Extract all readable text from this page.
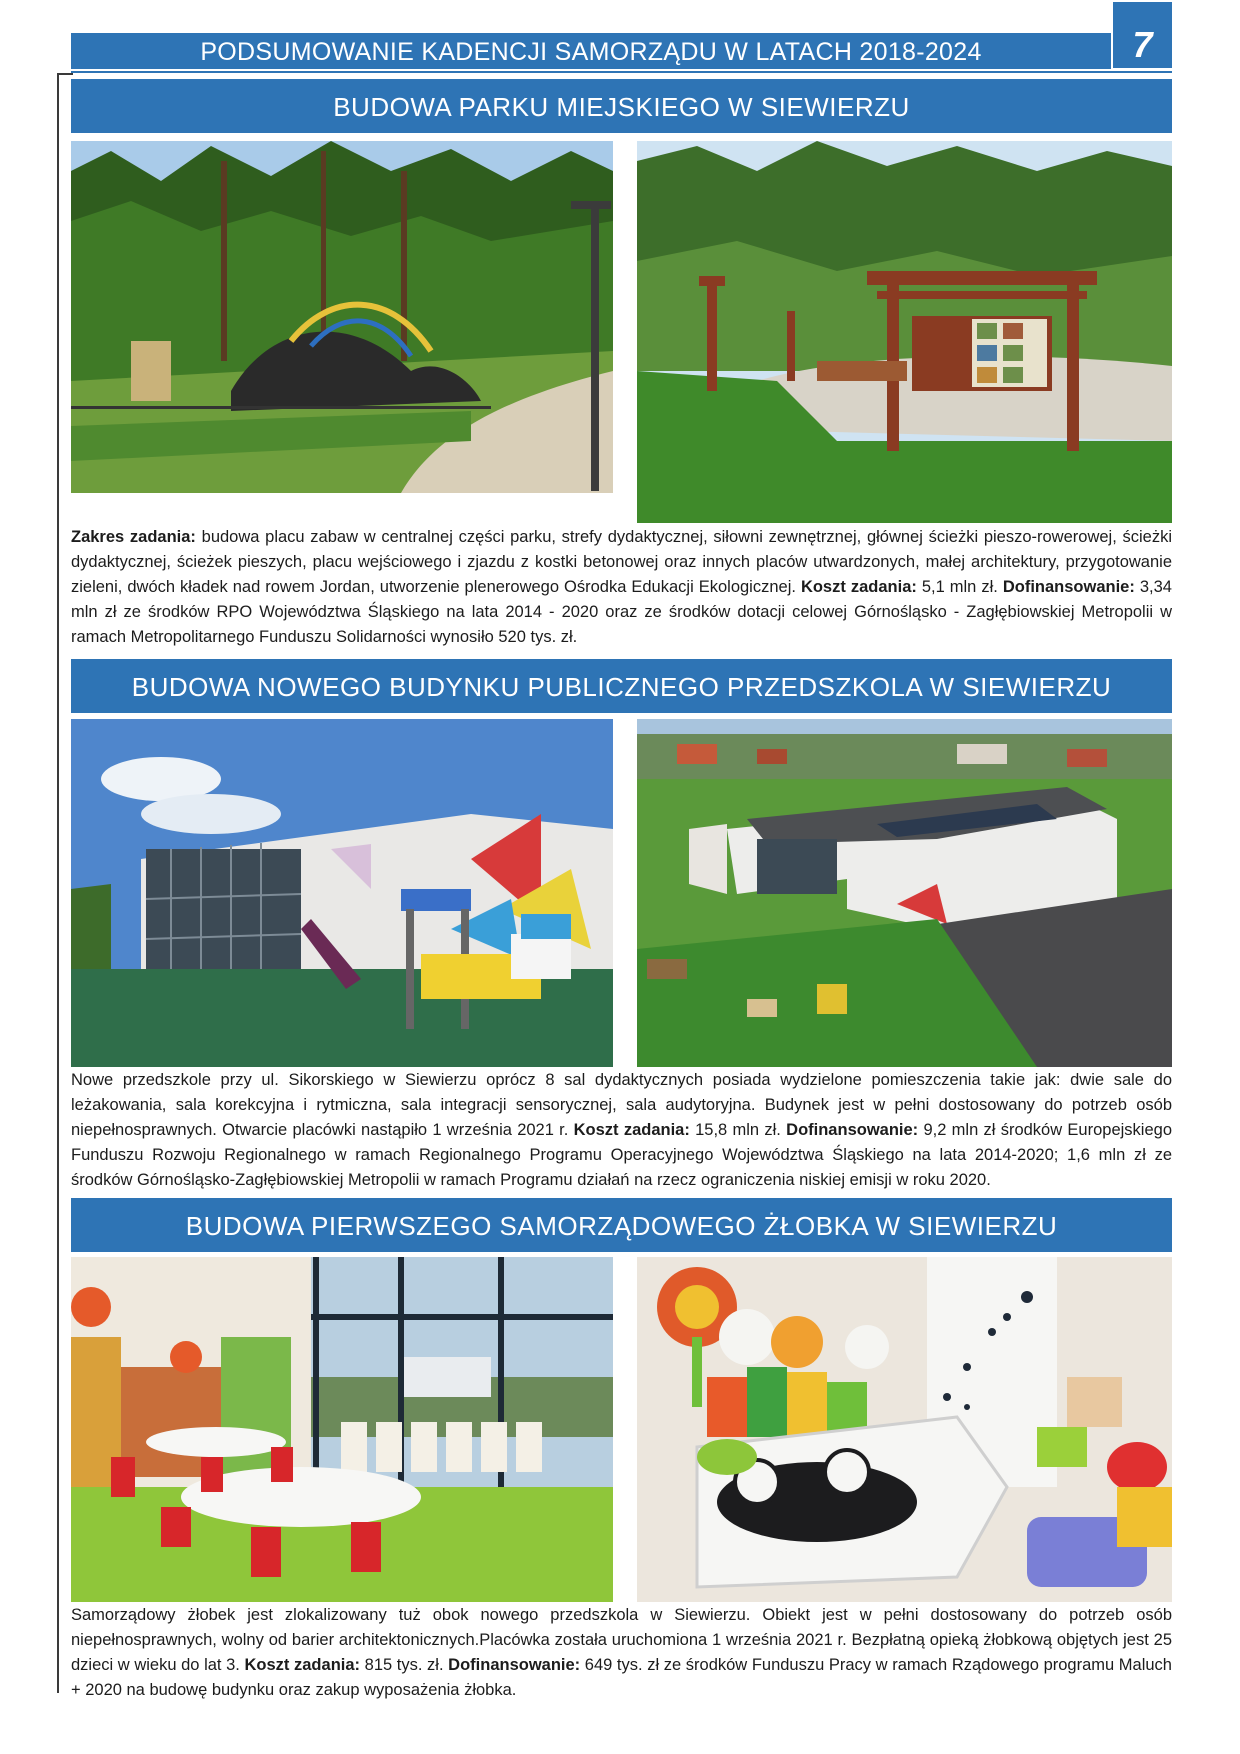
PODSUMOWANIE KADENCJI SAMORZĄDU W LATACH 2018-2024	7
BUDOWA PARKU MIEJSKIEGO W SIEWIERZU

Zakres zadania: budowa placu zabaw w centralnej części parku, strefy dydaktycznej, siłowni zewnętrznej, głównej ścieżki pieszo-rowerowej, ścieżki dydaktycznej, ścieżek pieszych, placu wejściowego i zjazdu z kostki betonowej oraz innych placów utwardzonych, małej architektury, przygotowanie zieleni, dwóch kładek nad rowem Jordan, utworzenie plenerowego Ośrodka Edukacji Ekologicznej. Koszt zadania: 5,1 mln zł. Dofinansowanie: 3,34 mln zł ze środków RPO Województwa Śląskiego na lata 2014 - 2020 oraz ze środków dotacji celowej Górnośląsko - Zagłębiowskiej Metropolii w ramach Metropolitarnego Funduszu Solidarności wynosiło 520 tys. zł.

BUDOWA NOWEGO BUDYNKU PUBLICZNEGO PRZEDSZKOLA W SIEWIERZU

Nowe przedszkole przy ul. Sikorskiego w Siewierzu oprócz 8 sal dydaktycznych posiada wydzielone pomieszczenia takie jak: dwie sale do leżakowania, sala korekcyjna i rytmiczna, sala integracji sensorycznej, sala audytoryjna. Budynek jest w pełni dostosowany do potrzeb osób niepełnosprawnych. Otwarcie placówki nastąpiło 1 września 2021 r. Koszt zadania: 15,8 mln zł. Dofinansowanie: 9,2 mln zł środków Europejskiego Funduszu Rozwoju Regionalnego w ramach Regionalnego Programu Operacyjnego Województwa Śląskiego na lata 2014-2020; 1,6 mln zł ze środków Górnośląsko-Zagłębiowskiej Metropolii w ramach Programu działań na rzecz ograniczenia niskiej emisji w roku 2020.

BUDOWA PIERWSZEGO SAMORZĄDOWEGO ŻŁOBKA W SIEWIERZU

Samorządowy żłobek jest zlokalizowany tuż obok nowego przedszkola w Siewierzu. Obiekt jest w pełni dostosowany do potrzeb osób niepełnosprawnych, wolny od barier architektonicznych.Placówka została uruchomiona 1 września 2021 r. Bezpłatną opieką żłobkową objętych jest 25 dzieci w wieku do lat 3. Koszt zadania: 815 tys. zł. Dofinansowanie: 649 tys. zł ze środków Funduszu Pracy w ramach Rządowego programu Maluch + 2020 na budowę budynku oraz zakup wyposażenia żłobka.
